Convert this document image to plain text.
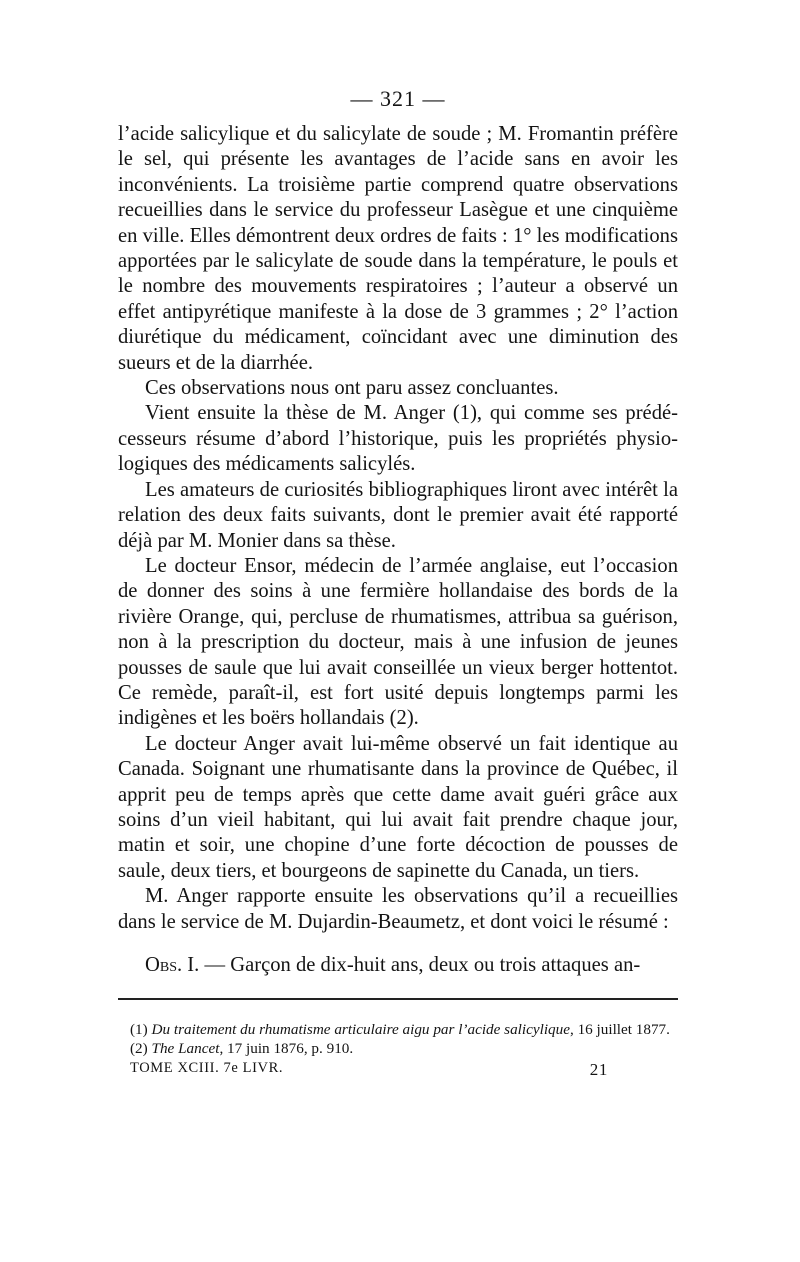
— 321 —

l’acide salicylique et du salicylate de soude ; M. Fromantin préfère le sel, qui présente les avantages de l’acide sans en avoir les inconvénients. La troisième partie comprend quatre observations recueillies dans le service du professeur Lasègue et une cinquième en ville. Elles démontrent deux ordres de faits : 1° les modifications apportées par le salicylate de soude dans la température, le pouls et le nombre des mouvements respiratoires ; l’auteur a observé un effet antipyrétique manifeste à la dose de 3 grammes ; 2° l’action diurétique du médicament, coïncidant avec une diminution des sueurs et de la diarrhée.

Ces observations nous ont paru assez concluantes.

Vient ensuite la thèse de M. Anger (1), qui comme ses prédécesseurs résume d’abord l’historique, puis les propriétés physiologiques des médicaments salicylés.

Les amateurs de curiosités bibliographiques liront avec intérêt la relation des deux faits suivants, dont le premier avait été rapporté déjà par M. Monier dans sa thèse.

Le docteur Ensor, médecin de l’armée anglaise, eut l’occasion de donner des soins à une fermière hollandaise des bords de la rivière Orange, qui, percluse de rhumatismes, attribua sa guérison, non à la prescription du docteur, mais à une infusion de jeunes pousses de saule que lui avait conseillée un vieux berger hottentot. Ce remède, paraît-il, est fort usité depuis longtemps parmi les indigènes et les boërs hollandais (2).

Le docteur Anger avait lui-même observé un fait identique au Canada. Soignant une rhumatisante dans la province de Québec, il apprit peu de temps après que cette dame avait guéri grâce aux soins d’un vieil habitant, qui lui avait fait prendre chaque jour, matin et soir, une chopine d’une forte décoction de pousses de saule, deux tiers, et bourgeons de sapinette du Canada, un tiers.

M. Anger rapporte ensuite les observations qu’il a recueillies dans le service de M. Dujardin-Beaumetz, et dont voici le résumé :

Obs. I. — Garçon de dix-huit ans, deux ou trois attaques an-

(1) Du traitement du rhumatisme articulaire aigu par l’acide salicylique, 16 juillet 1877.

(2) The Lancet, 17 juin 1876, p. 910.

TOME XCIII. 7e LIVR.	21
